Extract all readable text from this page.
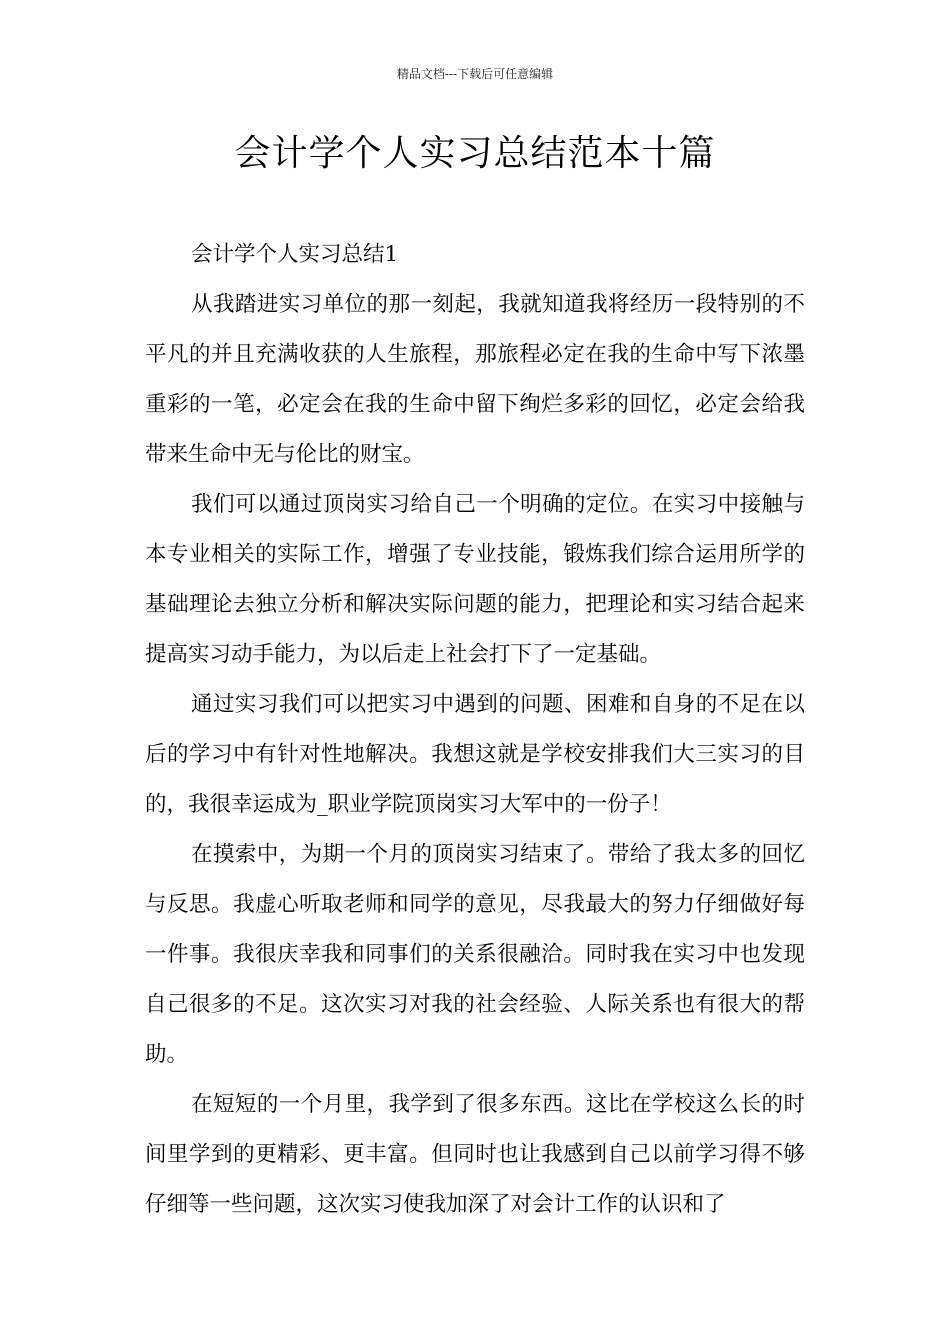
精品文档---下载后可任意编辑
会计学个人实习总结范本十篇
会计学个人实习总结1

从我踏进实习单位的那一刻起，我就知道我将经历一段特别的不平凡的并且充满收获的人生旅程，那旅程必定在我的生命中写下浓墨重彩的一笔，必定会在我的生命中留下绚烂多彩的回忆，必定会给我带来生命中无与伦比的财宝。

我们可以通过顶岗实习给自己一个明确的定位。在实习中接触与本专业相关的实际工作，增强了专业技能，锻炼我们综合运用所学的基础理论去独立分析和解决实际问题的能力，把理论和实习结合起来提高实习动手能力，为以后走上社会打下了一定基础。

通过实习我们可以把实习中遇到的问题、困难和自身的不足在以后的学习中有针对性地解决。我想这就是学校安排我们大三实习的目的，我很幸运成为_职业学院顶岗实习大军中的一份子！

在摸索中，为期一个月的顶岗实习结束了。带给了我太多的回忆与反思。我虚心听取老师和同学的意见，尽我最大的努力仔细做好每一件事。我很庆幸我和同事们的关系很融洽。同时我在实习中也发现自己很多的不足。这次实习对我的社会经验、人际关系也有很大的帮助。

在短短的一个月里，我学到了很多东西。这比在学校这么长的时间里学到的更精彩、更丰富。但同时也让我感到自己以前学习得不够仔细等一些问题，这次实习使我加深了对会计工作的认识和了
